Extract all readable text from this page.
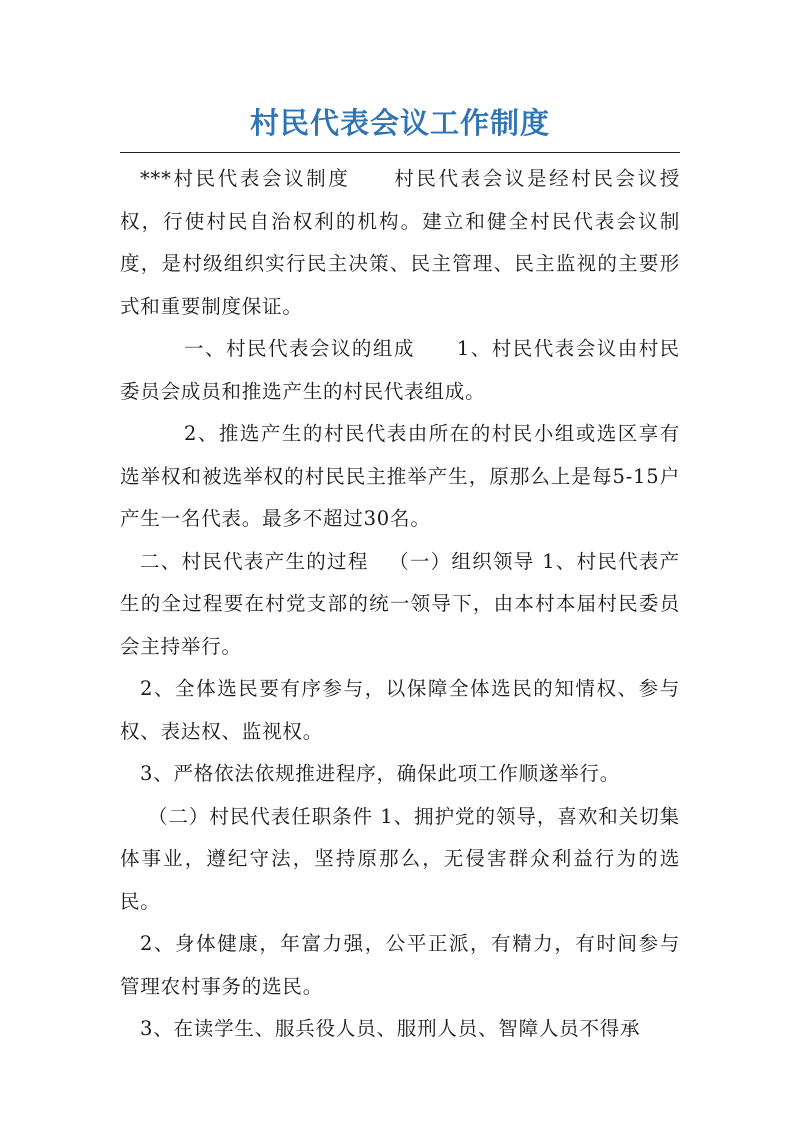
村民代表会议工作制度

***村民代表会议制度 村民代表会议是经村民会议授权，行使村民自治权利的机构。建立和健全村民代表会议制度，是村级组织实行民主决策、民主管理、民主监视的主要形式和重要制度保证。

一、村民代表会议的组成 1、村民代表会议由村民委员会成员和推选产生的村民代表组成。

2、推选产生的村民代表由所在的村民小组或选区享有选举权和被选举权的村民民主推举产生，原那么上是每5-15户产生一名代表。最多不超过30名。

二、村民代表产生的过程 （一）组织领导 1、村民代表产生的全过程要在村党支部的统一领导下，由本村本届村民委员会主持举行。

2、全体选民要有序参与，以保障全体选民的知情权、参与权、表达权、监视权。

3、严格依法依规推进程序，确保此项工作顺遂举行。

（二）村民代表任职条件 1、拥护党的领导，喜欢和关切集体事业，遵纪守法，坚持原那么，无侵害群众利益行为的选民。

2、身体健康，年富力强，公平正派，有精力，有时间参与管理农村事务的选民。

3、在读学生、服兵役人员、服刑人员、智障人员不得承
